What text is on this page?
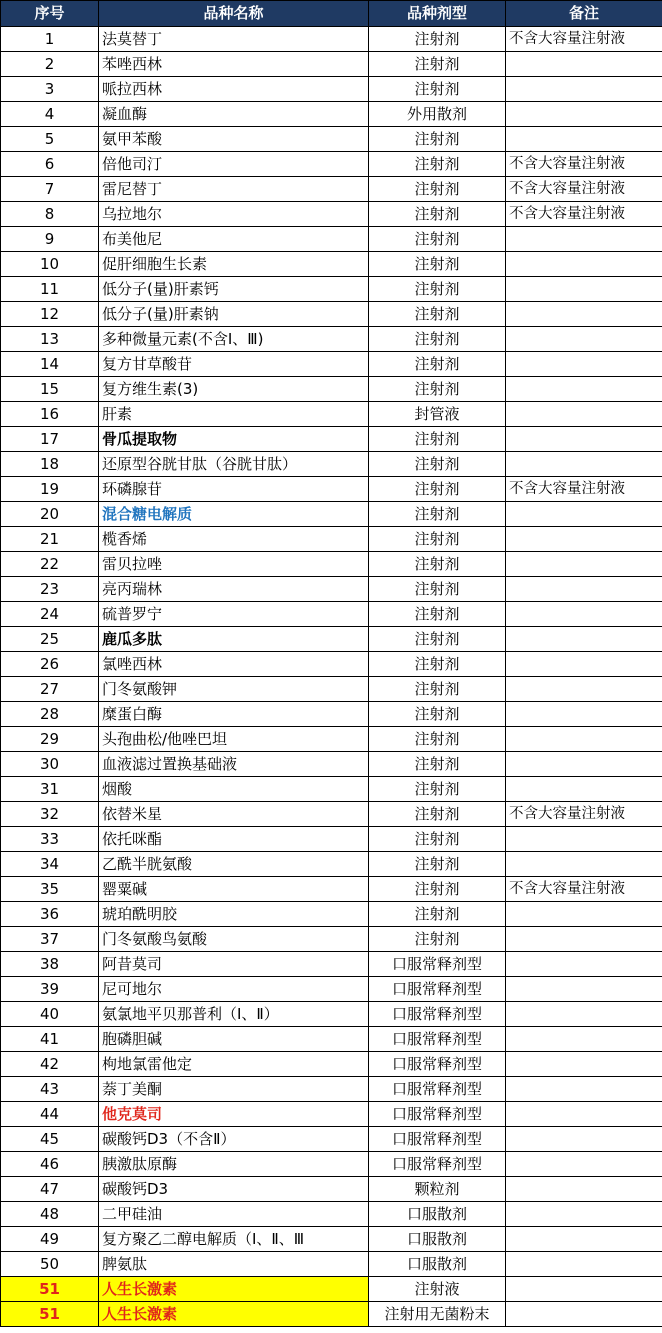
序号	品种名称	品种剂型	备注
1	法莫替丁	注射剂	不含大容量注射液
2	苯唑西林	注射剂	
3	哌拉西林	注射剂	
4	凝血酶	外用散剂	
5	氨甲苯酸	注射剂	
6	倍他司汀	注射剂	不含大容量注射液
7	雷尼替丁	注射剂	不含大容量注射液
8	乌拉地尔	注射剂	不含大容量注射液
9	布美他尼	注射剂	
10	促肝细胞生长素	注射剂	
11	低分子(量)肝素钙	注射剂	
12	低分子(量)肝素钠	注射剂	
13	多种微量元素(不含Ⅰ、Ⅲ)	注射剂	
14	复方甘草酸苷	注射剂	
15	复方维生素(3)	注射剂	
16	肝素	封管液	
17	骨瓜提取物	注射剂	
18	还原型谷胱甘肽（谷胱甘肽）	注射剂	
19	环磷腺苷	注射剂	不含大容量注射液
20	混合糖电解质	注射剂	
21	榄香烯	注射剂	
22	雷贝拉唑	注射剂	
23	亮丙瑞林	注射剂	
24	硫普罗宁	注射剂	
25	鹿瓜多肽	注射剂	
26	氯唑西林	注射剂	
27	门冬氨酸钾	注射剂	
28	糜蛋白酶	注射剂	
29	头孢曲松/他唑巴坦	注射剂	
30	血液滤过置换基础液	注射剂	
31	烟酸	注射剂	
32	依替米星	注射剂	不含大容量注射液
33	依托咪酯	注射剂	
34	乙酰半胱氨酸	注射剂	
35	罂粟碱	注射剂	不含大容量注射液
36	琥珀酰明胶	注射剂	
37	门冬氨酸鸟氨酸	注射剂	
38	阿昔莫司	口服常释剂型	
39	尼可地尔	口服常释剂型	
40	氨氯地平贝那普利（Ⅰ、Ⅱ）	口服常释剂型	
41	胞磷胆碱	口服常释剂型	
42	枸地氯雷他定	口服常释剂型	
43	萘丁美酮	口服常释剂型	
44	他克莫司	口服常释剂型	
45	碳酸钙D3（不含Ⅱ）	口服常释剂型	
46	胰激肽原酶	口服常释剂型	
47	碳酸钙D3	颗粒剂	
48	二甲硅油	口服散剂	
49	复方聚乙二醇电解质（Ⅰ、Ⅱ、Ⅲ	口服散剂	
50	脾氨肽	口服散剂	
51	人生长激素	注射液	
51	人生长激素	注射用无菌粉末	
